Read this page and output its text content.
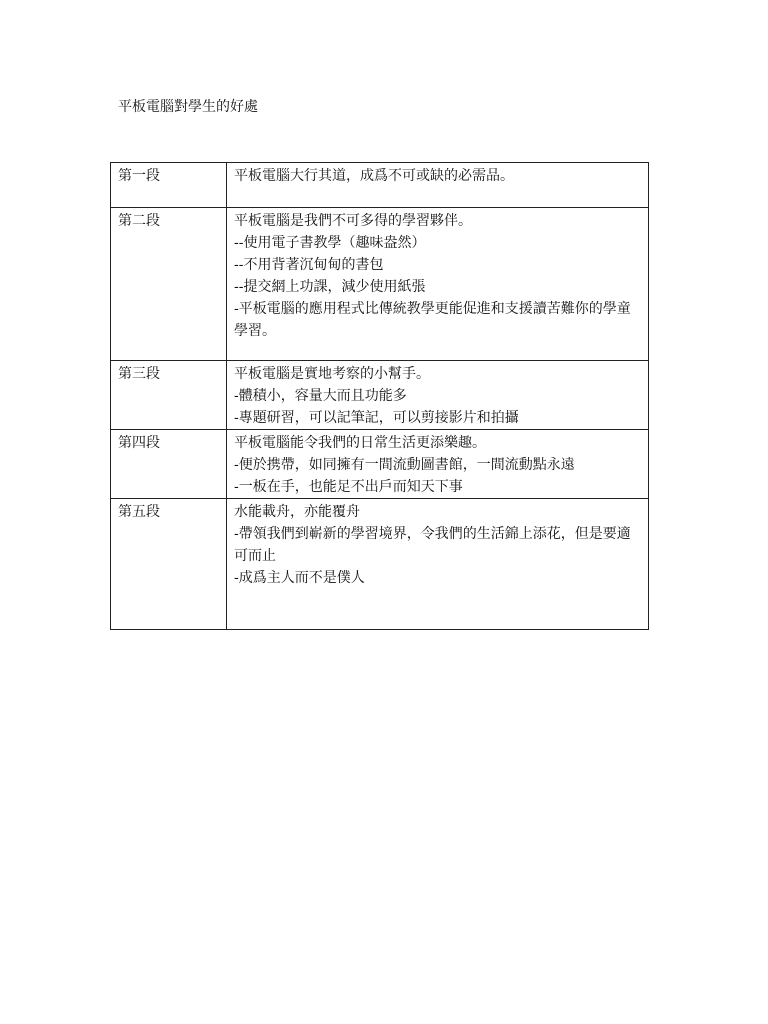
平板電腦對學生的好處
第一段	平板電腦大行其道，成爲不可或缺的必需品。

第二段	平板電腦是我們不可多得的學習夥伴。
--使用電子書教學（趣味盎然）
--不用背著沉甸甸的書包
--提交網上功課，減少使用紙張
-平板電腦的應用程式比傳統教學更能促進和支援讀苦難你的學童學習。

第三段	平板電腦是實地考察的小幫手。
-體積小，容量大而且功能多
-專題研習，可以記筆記，可以剪接影片和拍攝

第四段	平板電腦能令我們的日常生活更添樂趣。
-便於携帶，如同擁有一間流動圖書館，一間流動點永遠
-一板在手，也能足不出戶而知天下事

第五段	水能載舟，亦能覆舟
-帶領我們到嶄新的學習境界，令我們的生活錦上添花，但是要適可而止
-成爲主人而不是僕人
